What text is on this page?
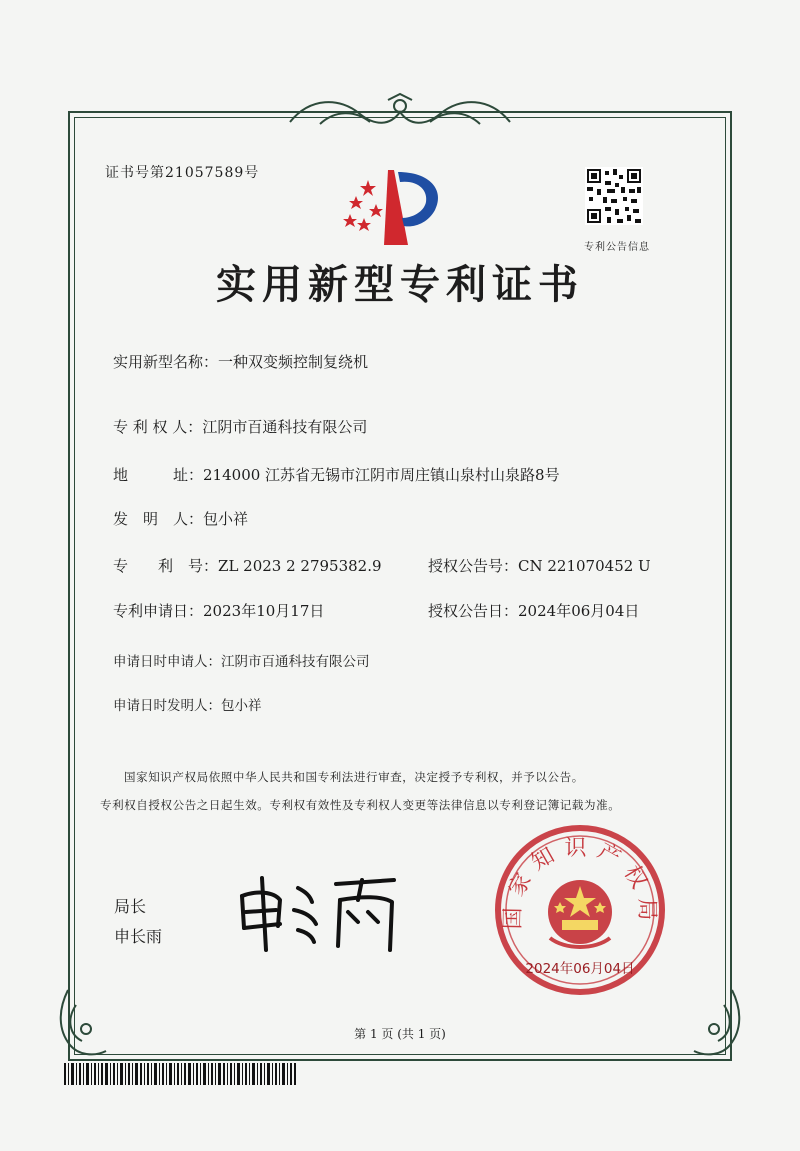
证书号第21057589号
专利公告信息
实用新型专利证书
实用新型名称：一种双变频控制复绕机
专 利 权 人：江阴市百通科技有限公司
地　　　址：214000 江苏省无锡市江阴市周庄镇山泉村山泉路8号
发　明　人：包小祥
专　　利　号：ZL 2023 2 2795382.9	授权公告号：CN 221070452 U
专利申请日：2023年10月17日	授权公告日：2024年06月04日
申请日时申请人：江阴市百通科技有限公司
申请日时发明人：包小祥
国家知识产权局依照中华人民共和国专利法进行审查，决定授予专利权，并予以公告。
专利权自授权公告之日起生效。专利权有效性及专利权人变更等法律信息以专利登记簿记载为准。
局长
申长雨
国家知识产权局
2024年06月04日
第 1 页 (共 1 页)
